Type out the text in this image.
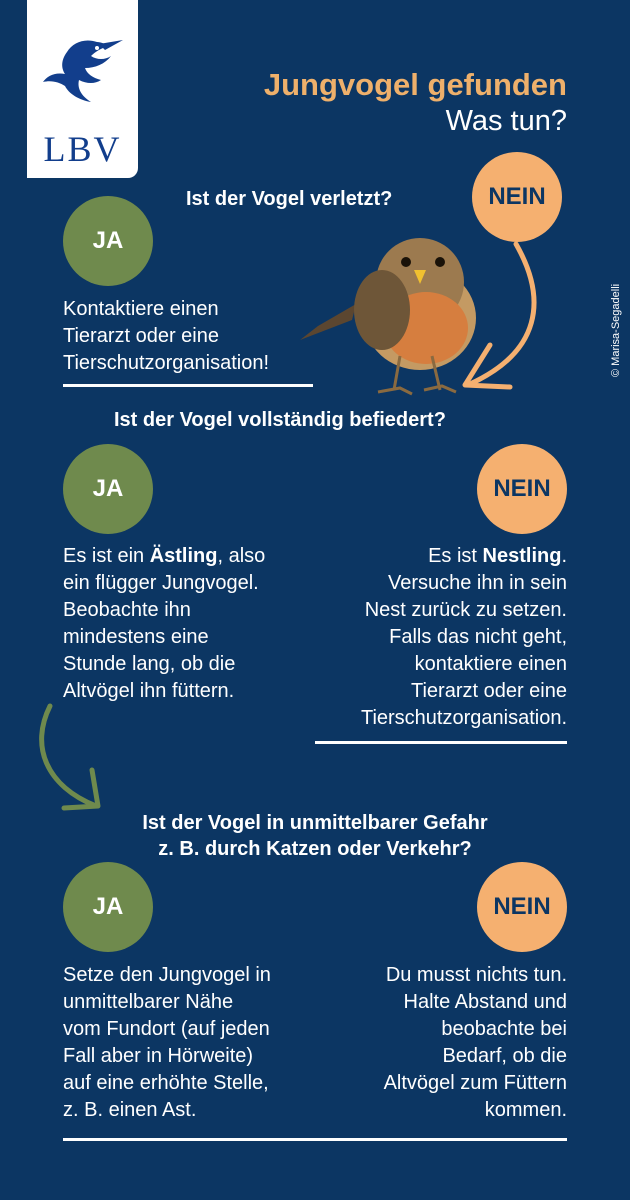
LBV
Jungvogel gefunden
Was tun?
© Marisa-Segadelli
Ist der Vogel verletzt?	NEIN
JA
Kontaktiere einen
Tierarzt oder eine
Tierschutzorganisation!
Ist der Vogel vollständig befiedert?
JA	NEIN
Es ist ein Ästling, also
ein flügger Jungvogel.
Beobachte ihn
mindestens eine
Stunde lang, ob die
Altvögel ihn füttern.
Es ist Nestling.
Versuche ihn in sein
Nest zurück zu setzen.
Falls das nicht geht,
kontaktiere einen
Tierarzt oder eine
Tierschutzorganisation.
Ist der Vogel in unmittelbarer Gefahr
z. B. durch Katzen oder Verkehr?
JA	NEIN
Setze den Jungvogel in
unmittelbarer Nähe
vom Fundort (auf jeden
Fall aber in Hörweite)
auf eine erhöhte Stelle,
z. B. einen Ast.
Du musst nichts tun.
Halte Abstand und
beobachte bei
Bedarf, ob die
Altvögel zum Füttern
kommen.
